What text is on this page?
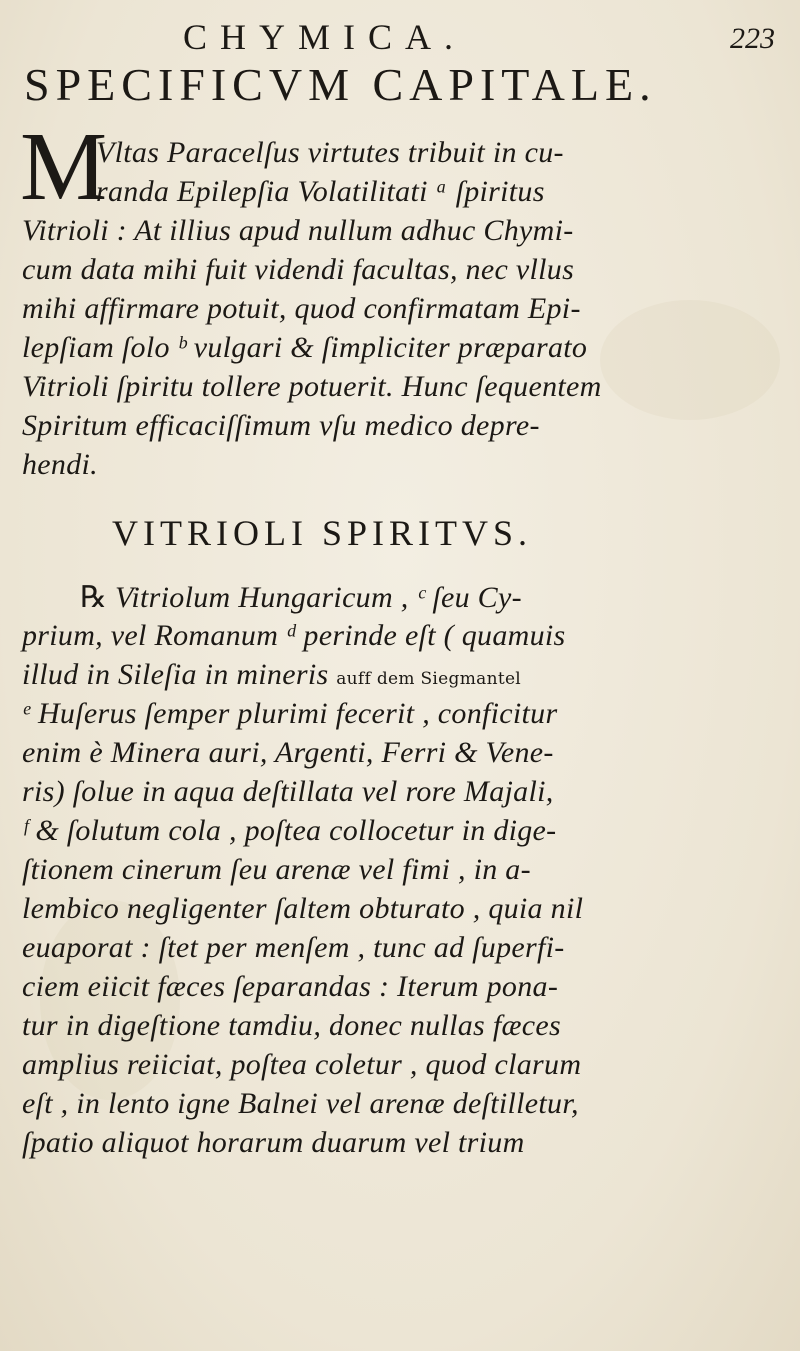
CHYMICA.	223
SPECIFICVM CAPITALE.
M
Vltas Paracelſus virtutes tribuit in cu-
randa Epilepſia Volatilitati ᵃ ſpiritus
Vitrioli : At illius apud nullum adhuc Chymi-
cum data mihi fuit videndi facultas, nec vllus
mihi affirmare potuit, quod confirmatam Epi-
lepſiam ſolo ᵇ vulgari & ſimpliciter præparato
Vitrioli ſpiritu tollere potuerit. Hunc ſequentem
Spiritum efficaciſſimum vſu medico depre-
hendi.
VITRIOLI SPIRITVS.
℞ Vitriolum Hungaricum , ᶜ ſeu Cy-
prium, vel Romanum ᵈ perinde eſt ( quamuis
illud in Sileſia in mineris auff dem Siegmantel
ᵉ Huſerus ſemper plurimi fecerit , conficitur
enim è Minera auri, Argenti, Ferri & Vene-
ris) ſolue in aqua deſtillata vel rore Majali,
ᶠ & ſolutum cola , poſtea collocetur in dige-
ſtionem cinerum ſeu arenæ vel fimi , in a-
lembico negligenter ſaltem obturato , quia nil
euaporat : ſtet per menſem , tunc ad ſuperfi-
ciem eiicit fæces ſeparandas : Iterum pona-
tur in digeſtione tamdiu, donec nullas fæces
amplius reiiciat, poſtea coletur , quod clarum
eſt , in lento igne Balnei vel arenæ deſtilletur,
ſpatio aliquot horarum duarum vel trium
